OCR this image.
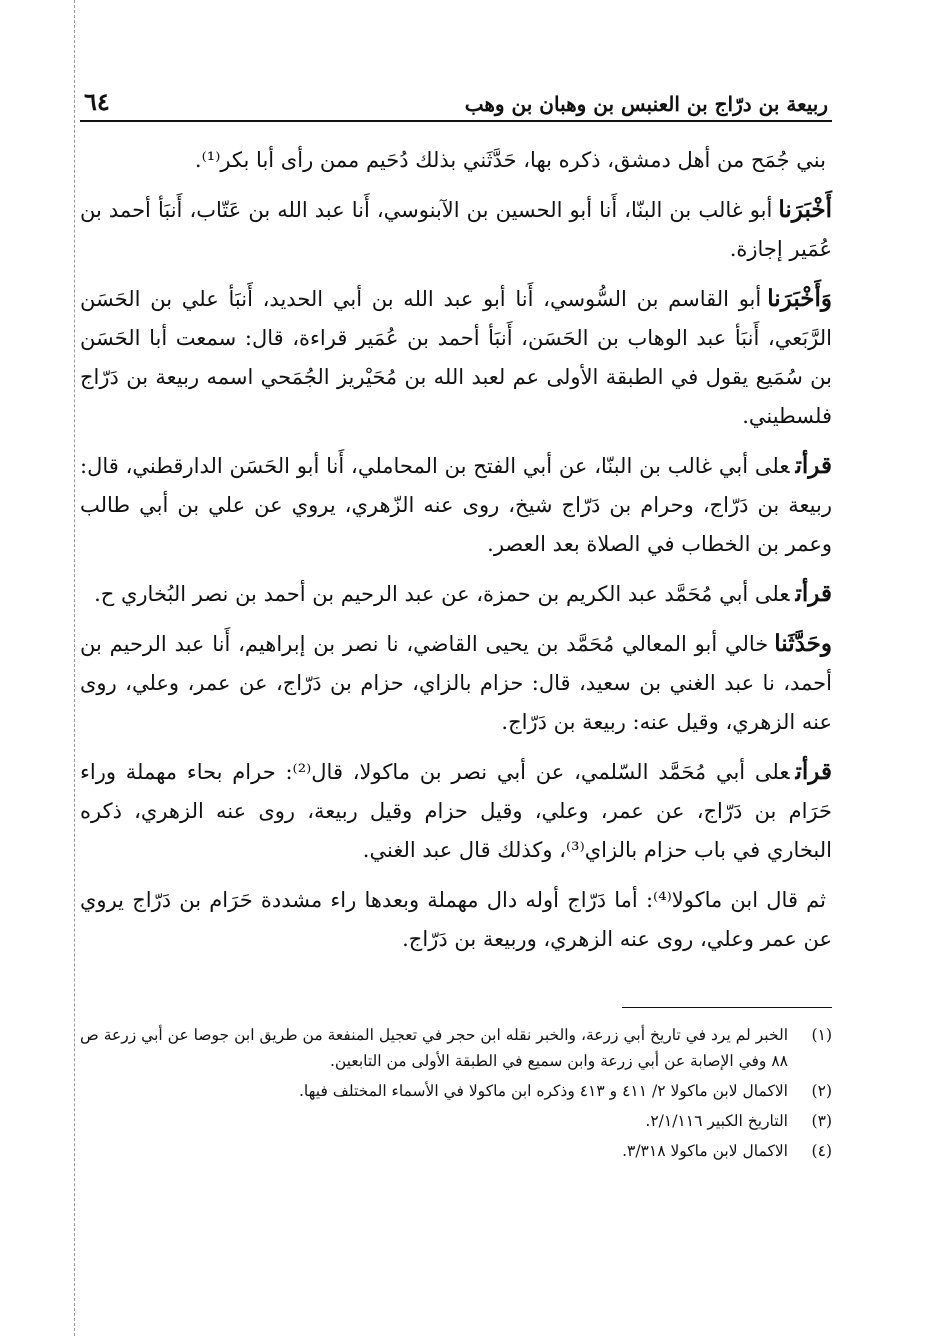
ربيعة بن درّاج بن العنبس بن وهبان بن وهب
٦٤

بني جُمَح من أهل دمشق، ذكره بها، حَدَّثَني بذلك دُحَيم ممن رأى أبا بكر⁽¹⁾.

أَخْبَرَناأبو غالب بن البنّا، أَنا أبو الحسين بن الآبنوسي، أَنا عبد الله بن عَتّاب، أَنبَأ أحمد بن عُمَير إجازة.

وَأَخْبَرَناأبو القاسم بن السُّوسي، أَنا أبو عبد الله بن أبي الحديد، أَنبَأ علي بن الحَسَن الرَّبَعي، أَنبَأ عبد الوهاب بن الحَسَن، أَنبَأ أحمد بن عُمَير قراءة، قال: سمعت أبا الحَسَن بن سُمَيع يقول في الطبقة الأولى عم لعبد الله بن مُحَيْريز الجُمَحي اسمه ربيعة بن دَرّاج فلسطيني.

قرأتعلى أبي غالب بن البنّا، عن أبي الفتح بن المحاملي، أَنا أبو الحَسَن الدارقطني، قال: ربيعة بن دَرّاج، وحرام بن دَرّاج شيخ، روى عنه الزّهري، يروي عن علي بن أبي طالب وعمر بن الخطاب في الصلاة بعد العصر.

قرأتعلى أبي مُحَمَّد عبد الكريم بن حمزة، عن عبد الرحيم بن أحمد بن نصر البُخاري ح.

وحَدَّثَناخالي أبو المعالي مُحَمَّد بن يحيى القاضي، نا نصر بن إبراهيم، أَنا عبد الرحيم بن أحمد، نا عبد الغني بن سعيد، قال: حزام بالزاي، حزام بن دَرّاج، عن عمر، وعلي، روى عنه الزهري، وقيل عنه: ربيعة بن دَرّاج.

قرأتعلى أبي مُحَمَّد السّلمي، عن أبي نصر بن ماكولا، قال⁽²⁾: حرام بحاء مهملة وراء حَرَام بن دَرّاج، عن عمر، وعلي، وقيل حزام وقيل ربيعة، روى عنه الزهري، ذكره البخاري في باب حزام بالزاي⁽³⁾، وكذلك قال عبد الغني.

ثم قال ابن ماكولا⁽⁴⁾: أما دَرّاج أوله دال مهملة وبعدها راء مشددة حَرَام بن دَرّاج يروي عن عمر وعلي، روى عنه الزهري، وربيعة بن دَرّاج.

(١)
الخبر لم يرد في تاريخ أبي زرعة، والخبر نقله ابن حجر في تعجيل المنفعة من طريق ابن جوصا عن أبي زرعة ص ٨٨ وفي الإصابة عن أبي زرعة وابن سميع في الطبقة الأولى من التابعين.
(٢)
الاكمال لابن ماكولا ٢/ ٤١١ و ٤١٣ وذكره ابن ماكولا في الأسماء المختلف فيها.
(٣)
التاريخ الكبير ٢/١/١١٦.
(٤)
الاكمال لابن ماكولا ٣/٣١٨.
